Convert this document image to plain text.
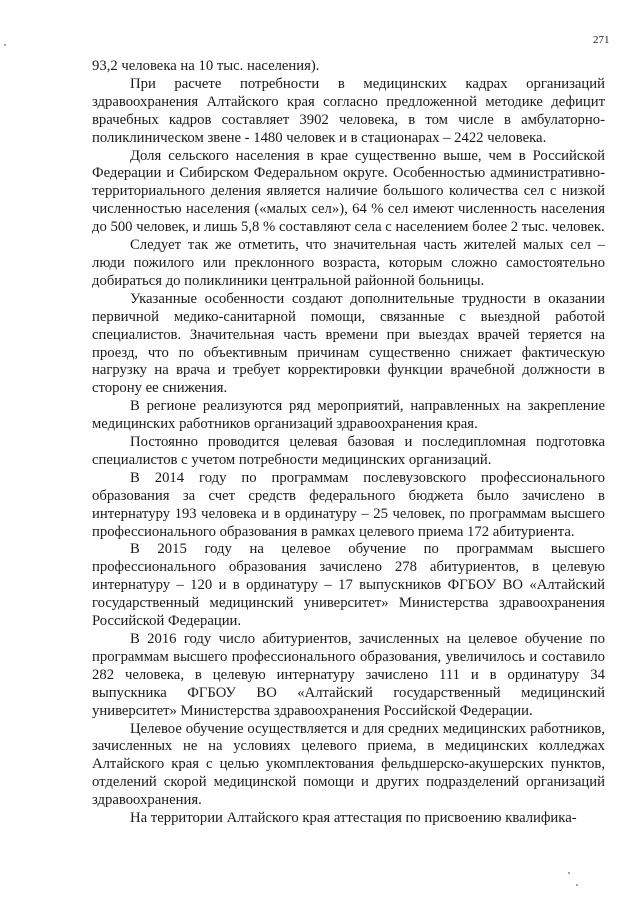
271

93,2 человека на 10 тыс. населения).

При расчете потребности в медицинских кадрах организаций здравоохранения Алтайского края согласно предложенной методике дефицит врачебных кадров составляет 3902 человека, в том числе в амбулаторно-поликлиническом звене - 1480 человек и в стационарах – 2422 человека.

Доля сельского населения в крае существенно выше, чем в Российской Федерации и Сибирском Федеральном округе. Особенностью административно-территориального деления является наличие большого количества сел с низкой численностью населения («малых сел»), 64 % сел имеют численность населения до 500 человек, и лишь 5,8 % составляют села с населением более 2 тыс. человек.

Следует так же отметить, что значительная часть жителей малых сел – люди пожилого или преклонного возраста, которым сложно самостоятельно добираться до поликлиники центральной районной больницы.

Указанные особенности создают дополнительные трудности в оказании первичной медико-санитарной помощи, связанные с выездной работой специалистов. Значительная часть времени при выездах врачей теряется на проезд, что по объективным причинам существенно снижает фактическую нагрузку на врача и требует корректировки функции врачебной должности в сторону ее снижения.

В регионе реализуются ряд мероприятий, направленных на закрепление медицинских работников организаций здравоохранения края.

Постоянно проводится целевая базовая и последипломная подготовка специалистов с учетом потребности медицинских организаций.

В 2014 году по программам послевузовского профессионального образования за счет средств федерального бюджета было зачислено в интернатуру 193 человека и в ординатуру – 25 человек, по программам высшего профессионального образования в рамках целевого приема 172 абитуриента.

В 2015 году на целевое обучение по программам высшего профессионального образования зачислено 278 абитуриентов, в целевую интернатуру – 120 и в ординатуру – 17 выпускников ФГБОУ ВО «Алтайский государственный медицинский университет» Министерства здравоохранения Российской Федерации.

В 2016 году число абитуриентов, зачисленных на целевое обучение по программам высшего профессионального образования, увеличилось и составило 282 человека, в целевую интернатуру зачислено 111 и в ординатуру 34 выпускника ФГБОУ ВО «Алтайский государственный медицинский университет» Министерства здравоохранения Российской Федерации.

Целевое обучение осуществляется и для средних медицинских работников, зачисленных не на условиях целевого приема, в медицинских колледжах Алтайского края с целью укомплектования фельдшерско-акушерских пунктов, отделений скорой медицинской помощи и других подразделений организаций здравоохранения.

На территории Алтайского края аттестация по присвоению квалифика-
